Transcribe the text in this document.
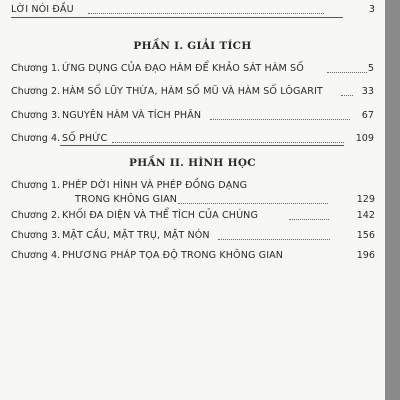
LỜI NÓI ĐẦU	3
PHẦN I. GIẢI TÍCH
Chương 1. ỨNG DỤNG CỦA ĐẠO HÀM ĐỂ KHẢO SÁT HÀM SỐ	5
Chương 2. HÀM SỐ LŨY THỪA, HÀM SỐ MŨ VÀ HÀM SỐ LÔGARIT	33
Chương 3. NGUYÊN HÀM VÀ TÍCH PHÂN	67
Chương 4. SỐ PHỨC	109
PHẦN II. HÌNH HỌC
Chương 1. PHÉP DỜI HÌNH VÀ PHÉP ĐỒNG DẠNG
TRONG KHÔNG GIAN	129
Chương 2. KHỐI ĐA DIỆN VÀ THỂ TÍCH CỦA CHÚNG	142
Chương 3. MẶT CẦU, MẶT TRỤ, MẶT NÓN	156
Chương 4. PHƯƠNG PHÁP TỌA ĐỘ TRONG KHÔNG GIAN	196
